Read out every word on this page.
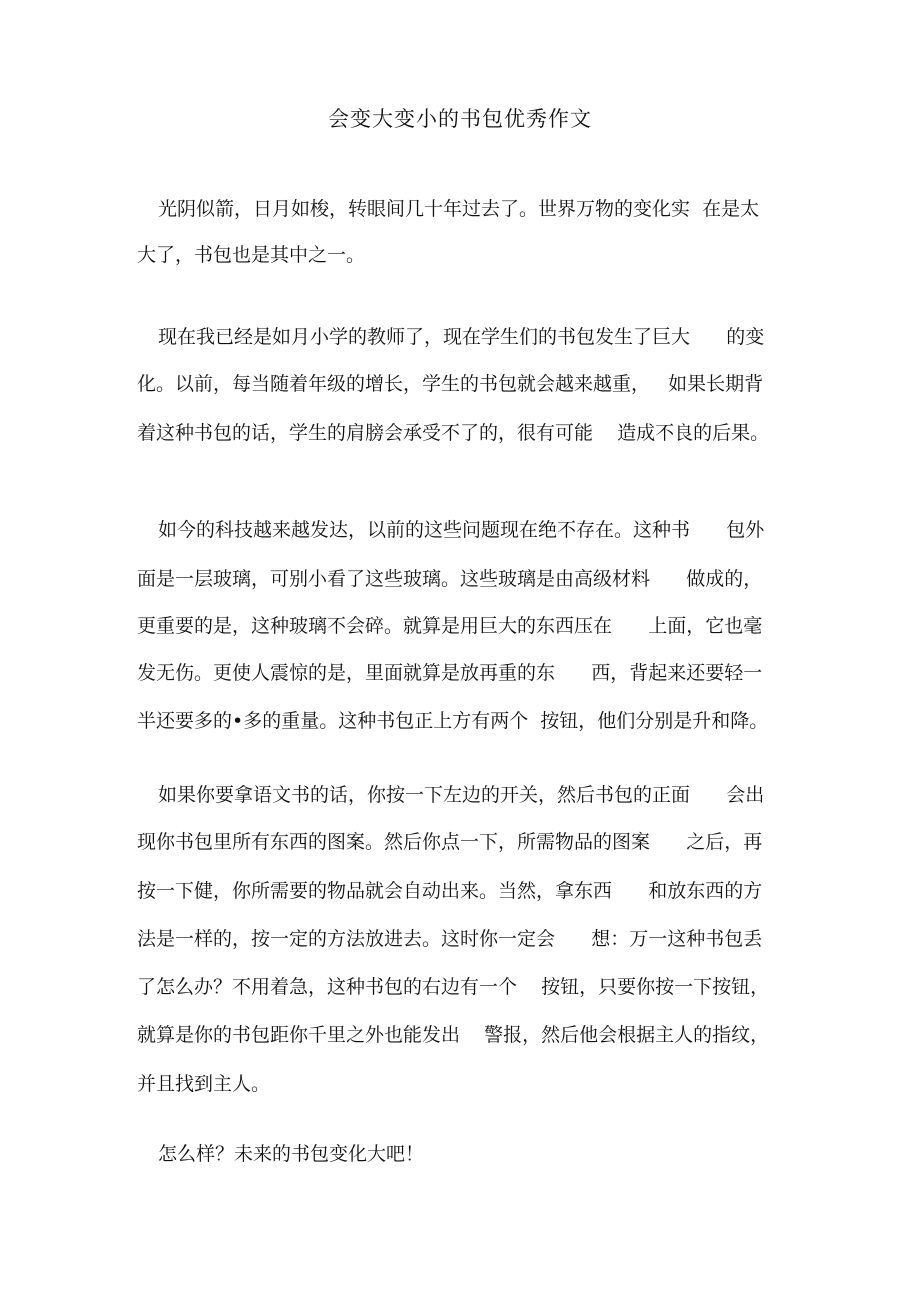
会变大变小的书包优秀作文
光阴似箭，日月如梭，转眼间几十年过去了。世界万物的变化实  在是太
大了，书包也是其中之一。
现在我已经是如月小学的教师了，现在学生们的书包发生了巨大      的变
化。以前，每当随着年级的增长，学生的书包就会越来越重，   如果长期背
着这种书包的话，学生的肩膀会承受不了的，很有可能    造成不良的后果。
如今的科技越来越发达，以前的这些问题现在绝不存在。这种书      包外
面是一层玻璃，可别小看了这些玻璃。这些玻璃是由高级材料      做成的，
更重要的是，这种玻璃不会碎。就算是用巨大的东西压在      上面，它也毫
发无伤。更使人震惊的是，里面就算是放再重的东      西，背起来还要轻一
半还要多的•多的重量。这种书包正上方有两个  按钮，他们分别是升和降。
如果你要拿语文书的话，你按一下左边的开关，然后书包的正面      会出
现你书包里所有东西的图案。然后你点一下，所需物品的图案      之后，再
按一下健，你所需要的物品就会自动出来。当然，拿东西      和放东西的方
法是一样的，按一定的方法放进去。这时你一定会      想：万一这种书包丢
了怎么办？不用着急，这种书包的右边有一个    按钮，只要你按一下按钮，
就算是你的书包距你千里之外也能发出    警报，然后他会根据主人的指纹，
并且找到主人。
怎么样？未来的书包变化大吧！
